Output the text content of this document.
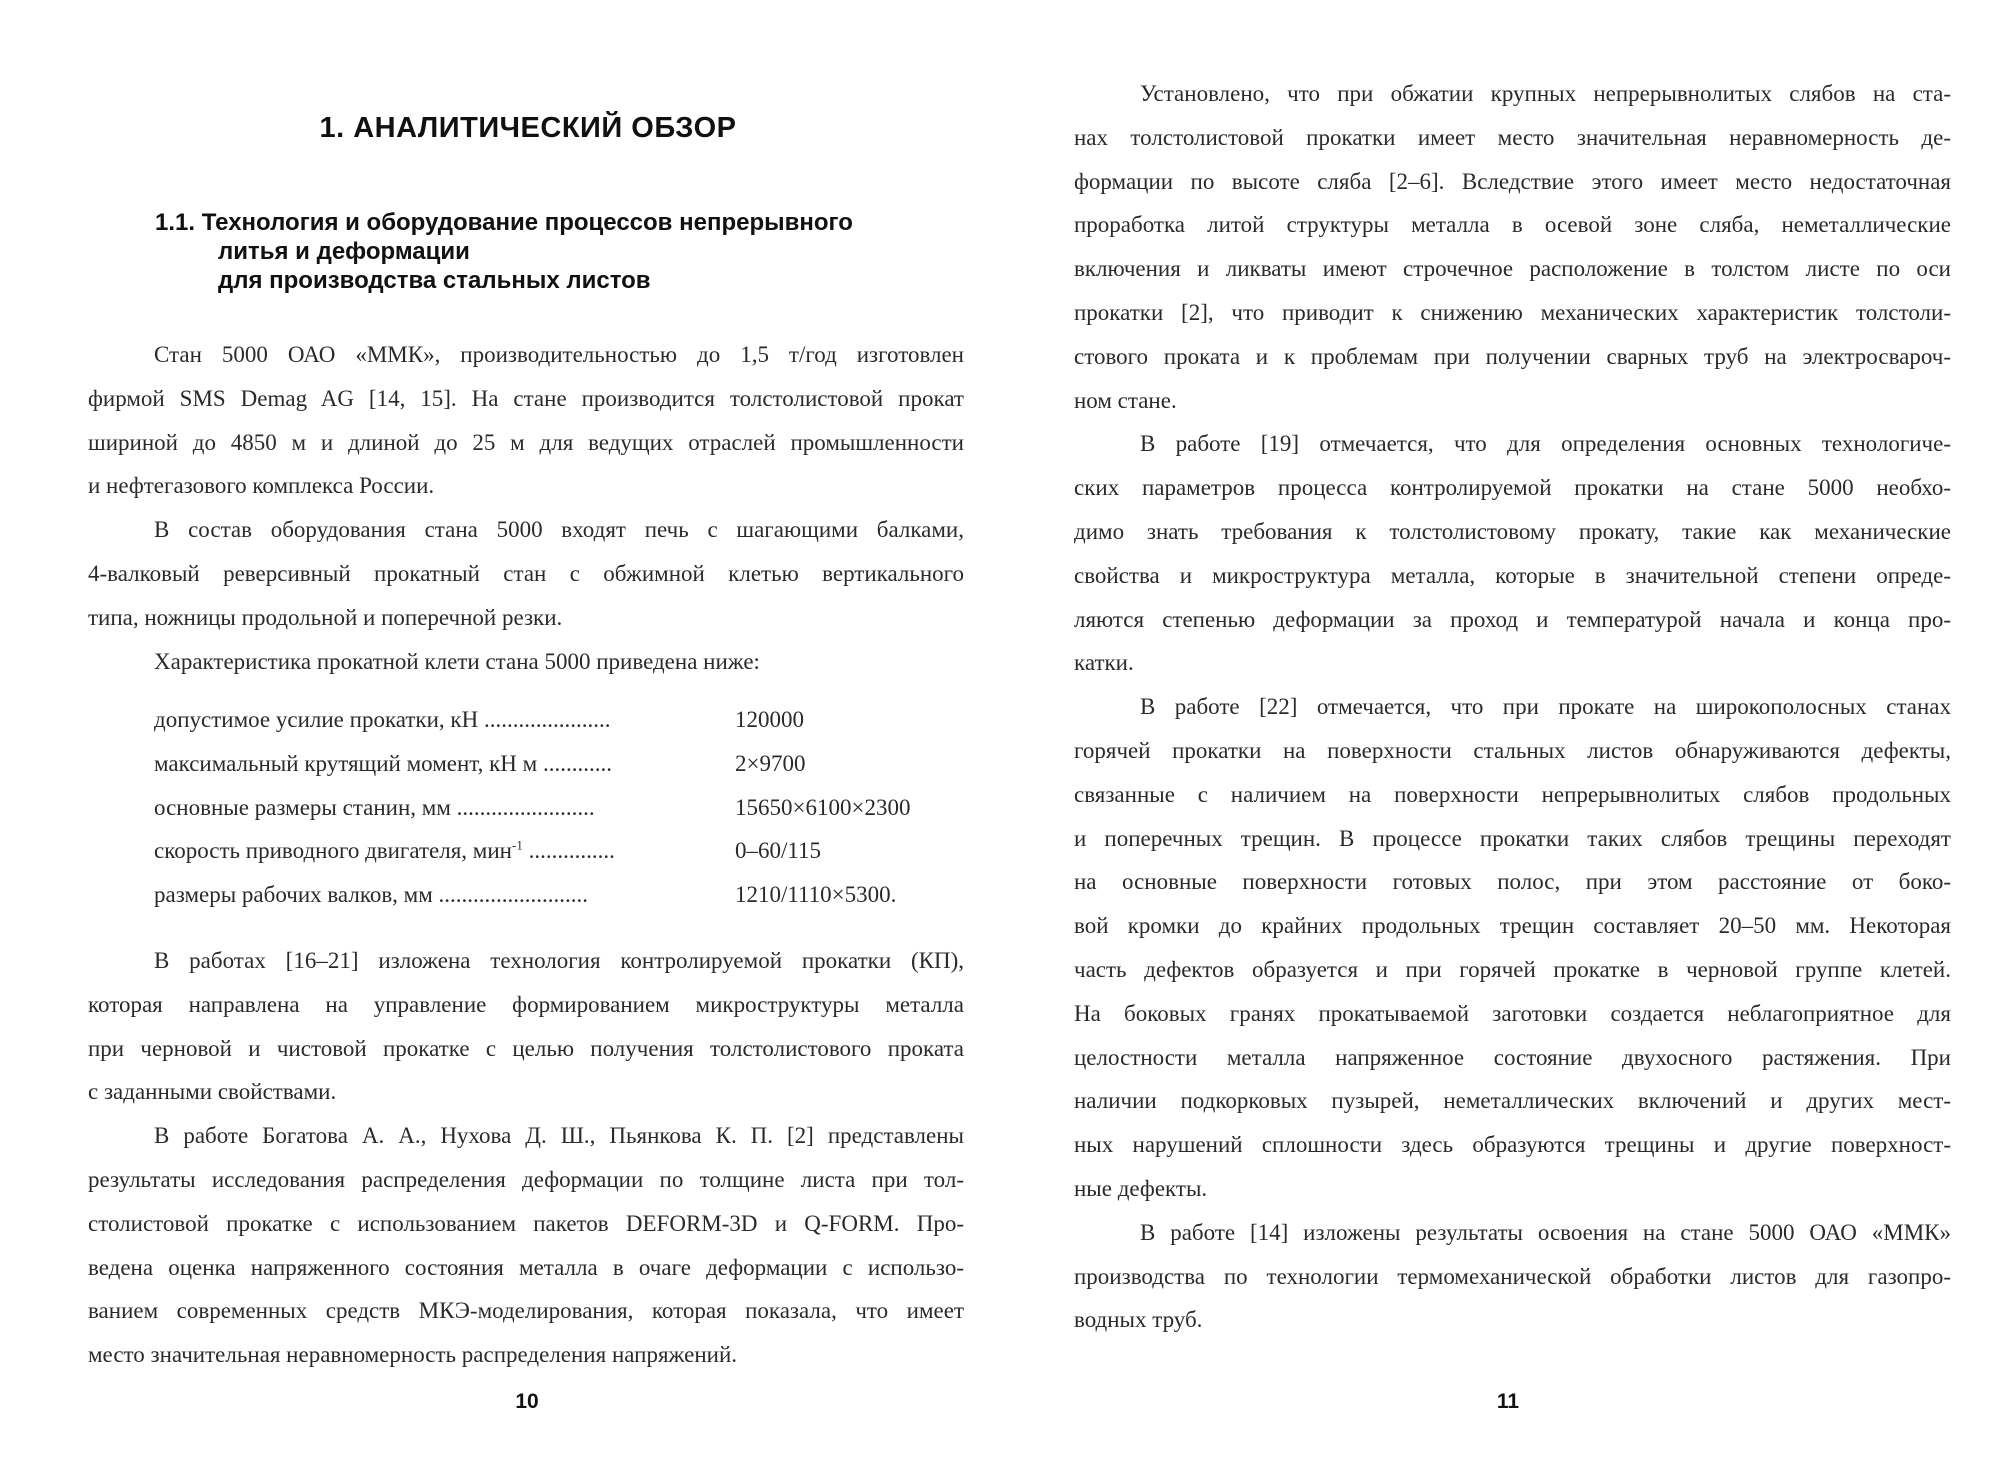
1. АНАЛИТИЧЕСКИЙ ОБЗОР
1.1. Технология и оборудование процессов непрерывного
литья и деформации
для производства стальных листов
Стан 5000 ОАО «ММК», производительностью до 1,5 т/год изготовлен
фирмой SMS Demag AG [14, 15]. На стане производится толстолистовой прокат
шириной до 4850 м и длиной до 25 м для ведущих отраслей промышленности
и нефтегазового комплекса России.
В состав оборудования стана 5000 входят печь с шагающими балками,
4-валковый реверсивный прокатный стан с обжимной клетью вертикального
типа, ножницы продольной и поперечной резки.
Характеристика прокатной клети стана 5000 приведена ниже:
допустимое усилие прокатки, кН ......................	120000
максимальный крутящий момент, кН м ............	2×9700
основные размеры станин, мм ........................	15650×6100×2300
скорость приводного двигателя, мин$^{-1}$ ...............	0–60/115
размеры рабочих валков, мм ..........................	1210/1110×5300.
В работах [16–21] изложена технология контролируемой прокатки (КП),
которая направлена на управление формированием микроструктуры металла
при черновой и чистовой прокатке с целью получения толстолистового проката
с заданными свойствами.
В работе Богатова А. А., Нухова Д. Ш., Пьянкова К. П. [2] представлены
результаты исследования распределения деформации по толщине листа при тол-
столистовой прокатке с использованием пакетов DEFORM-3D и Q-FORM. Про-
ведена оценка напряженного состояния металла в очаге деформации с использо-
ванием современных средств МКЭ-моделирования, которая показала, что имеет
место значительная неравномерность распределения напряжений.
10
Установлено, что при обжатии крупных непрерывнолитых слябов на ста-
нах толстолистовой прокатки имеет место значительная неравномерность де-
формации по высоте сляба [2–6]. Вследствие этого имеет место недостаточная
проработка литой структуры металла в осевой зоне сляба, неметаллические
включения и ликваты имеют строчечное расположение в толстом листе по оси
прокатки [2], что приводит к снижению механических характеристик толстоли-
стового проката и к проблемам при получении сварных труб на электросвароч-
ном стане.
В работе [19] отмечается, что для определения основных технологиче-
ских параметров процесса контролируемой прокатки на стане 5000 необхо-
димо знать требования к толстолистовому прокату, такие как механические
свойства и микроструктура металла, которые в значительной степени опреде-
ляются степенью деформации за проход и температурой начала и конца про-
катки.
В работе [22] отмечается, что при прокате на широкополосных станах
горячей прокатки на поверхности стальных листов обнаруживаются дефекты,
связанные с наличием на поверхности непрерывнолитых слябов продольных
и поперечных трещин. В процессе прокатки таких слябов трещины переходят
на основные поверхности готовых полос, при этом расстояние от боко-
вой кромки до крайних продольных трещин составляет 20–50 мм. Некоторая
часть дефектов образуется и при горячей прокатке в черновой группе клетей.
На боковых гранях прокатываемой заготовки создается неблагоприятное для
целостности металла напряженное состояние двухосного растяжения. При
наличии подкорковых пузырей, неметаллических включений и других мест-
ных нарушений сплошности здесь образуются трещины и другие поверхност-
ные дефекты.
В работе [14] изложены результаты освоения на стане 5000 ОАО «ММК»
производства по технологии термомеханической обработки листов для газопро-
водных труб.
11
